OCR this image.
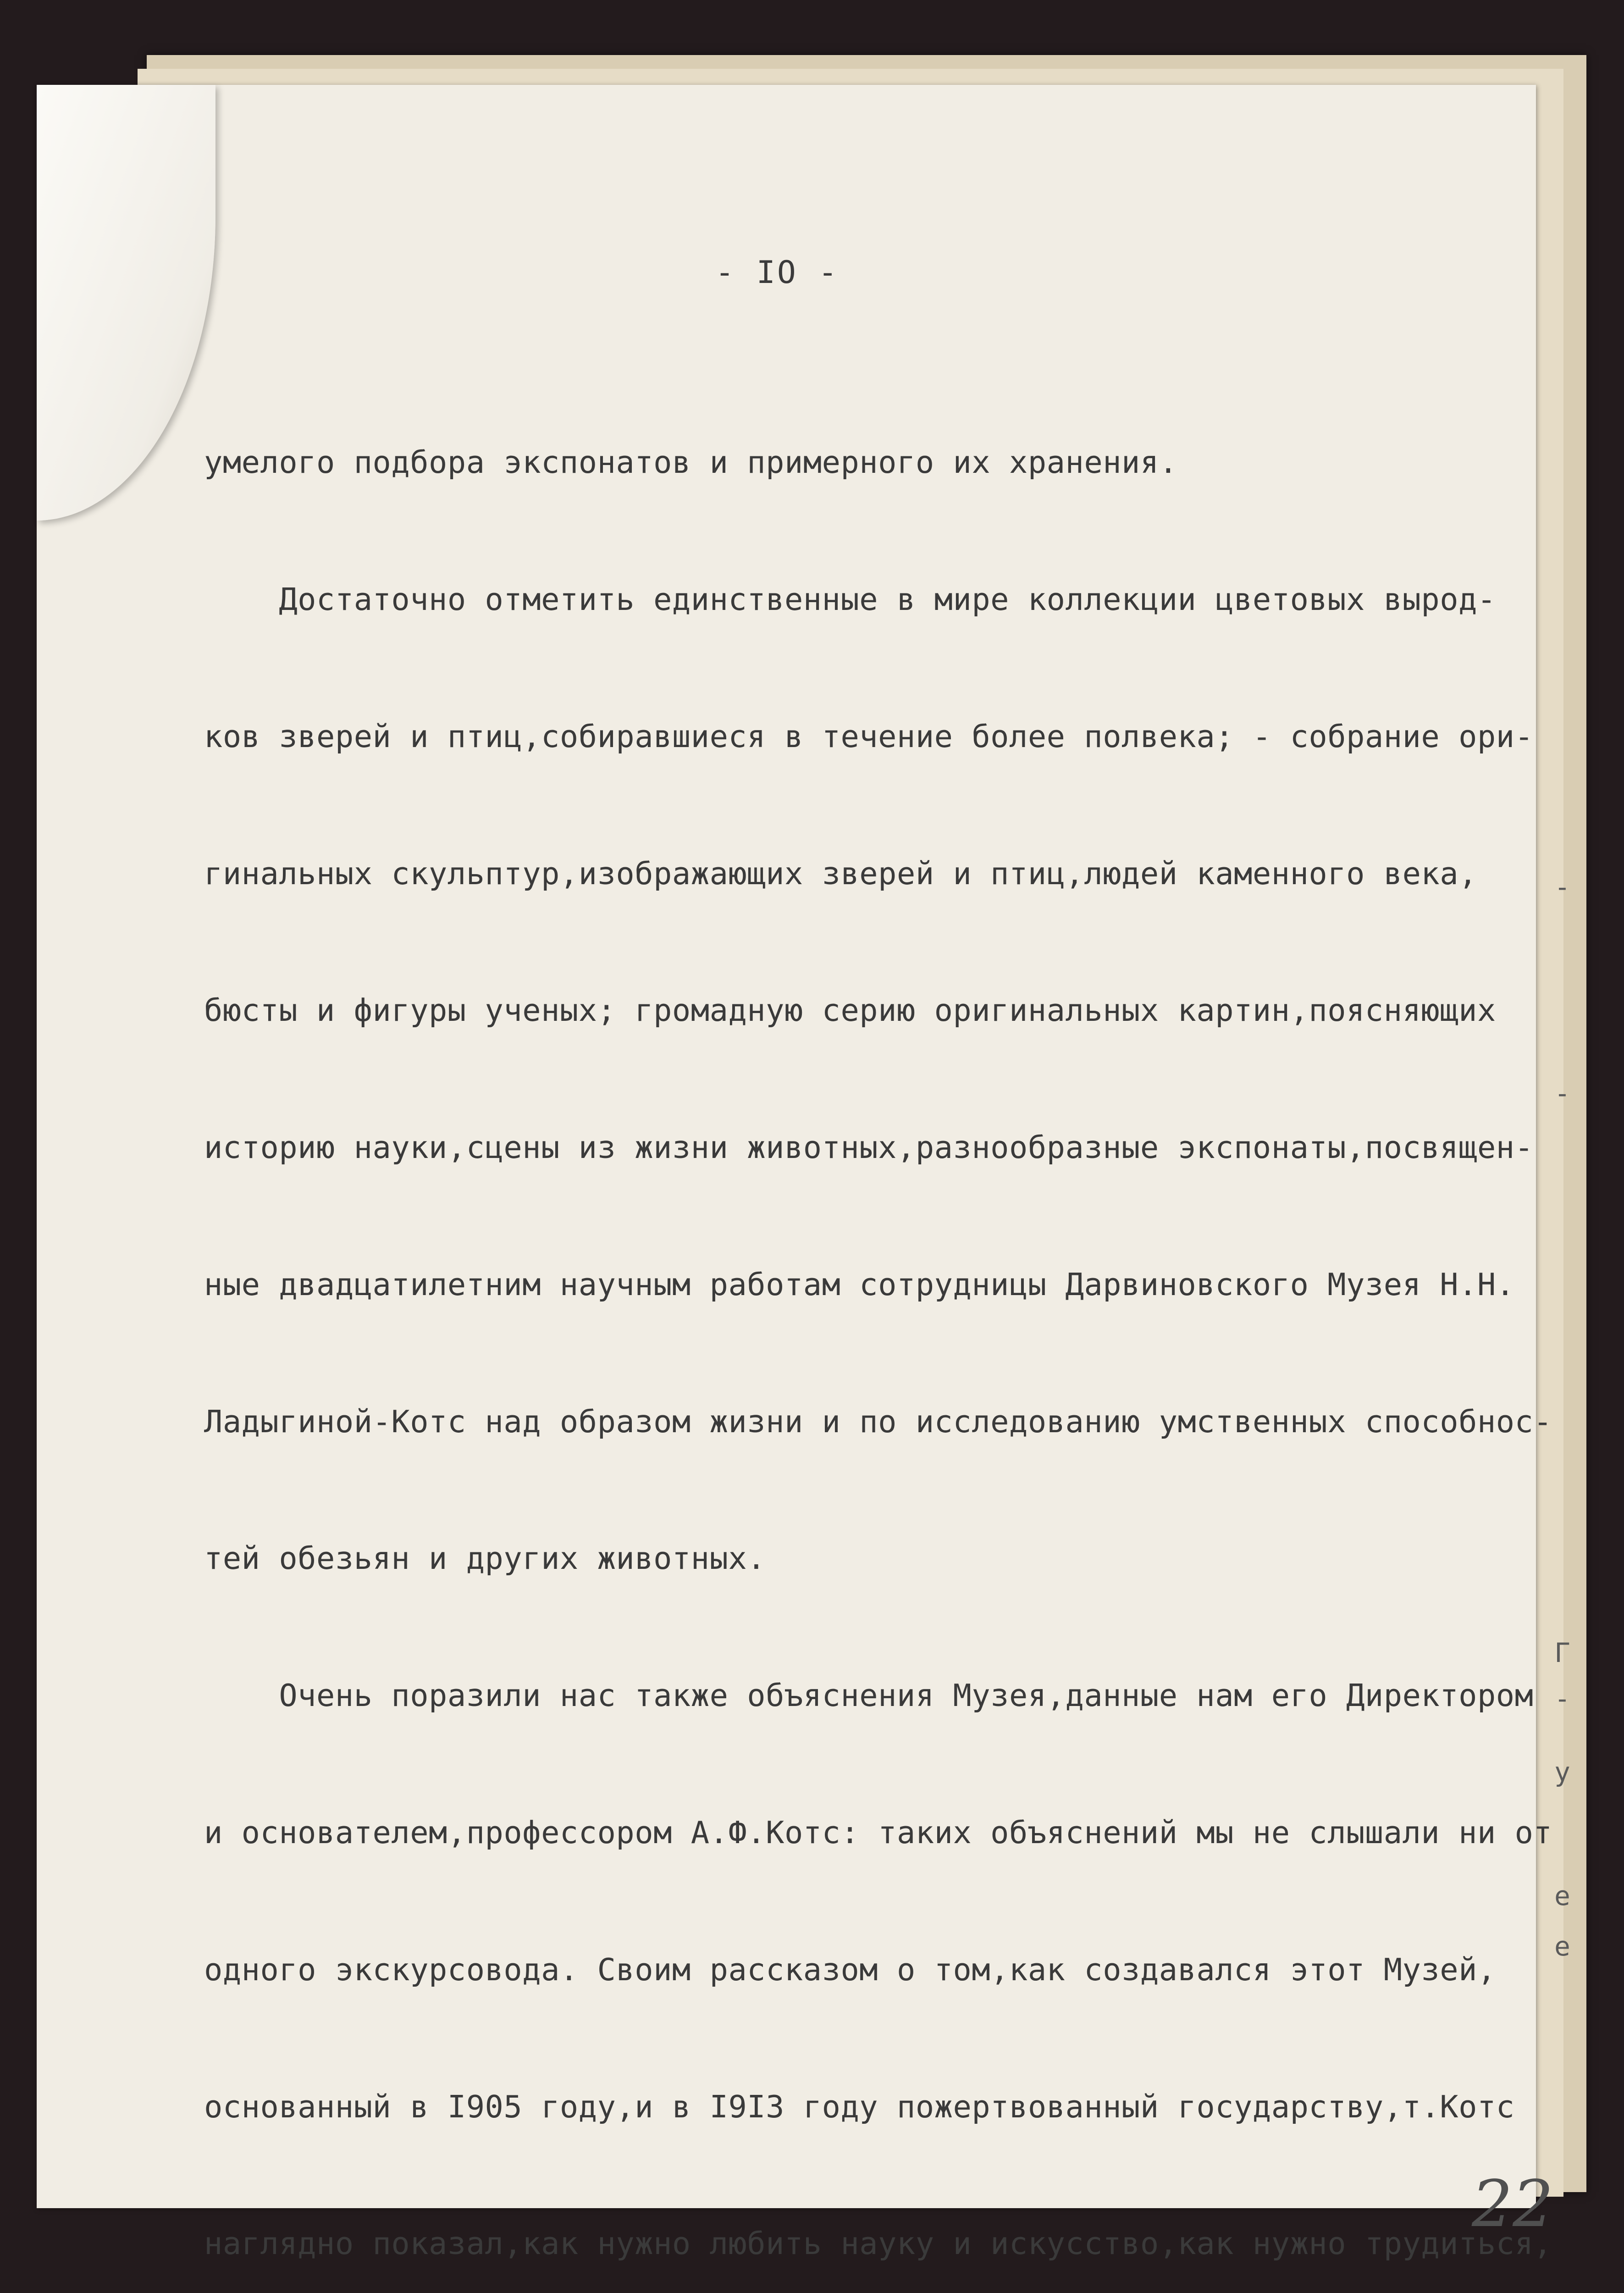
- IO -

умелого подбора экспонатов и примерного их хранения.

Достаточно отметить единственные в мире коллекции цветовых вырод-

ков зверей и птиц,собиравшиеся в течение более полвека; - собрание ори-

гинальных скульптур,изображающих зверей и птиц,людей каменного века,

бюсты и фигуры ученых; громадную серию оригинальных картин,поясняющих

историю науки,сцены из жизни животных,разнообразные экспонаты,посвящен-

ные двадцатилетним научным работам сотрудницы Дарвиновского Музея Н.Н.

Ладыгиной-Котс над образом жизни и по исследованию умственных способнос-

тей обезьян и других животных.

Очень поразили нас также объяснения Музея,данные нам его Директором

и основателем,профессором А.Ф.Котс: таких объяснений мы не слышали ни от

одного экскурсовода. Своим рассказом о том,как создавался этот Музей,

основанный в I905 году,и в I9I3 году пожертвованный государству,т.Котс

наглядно показал,как нужно любить науку и искусство,как нужно трудиться,

22
-
-
Г
-
у
е
е
